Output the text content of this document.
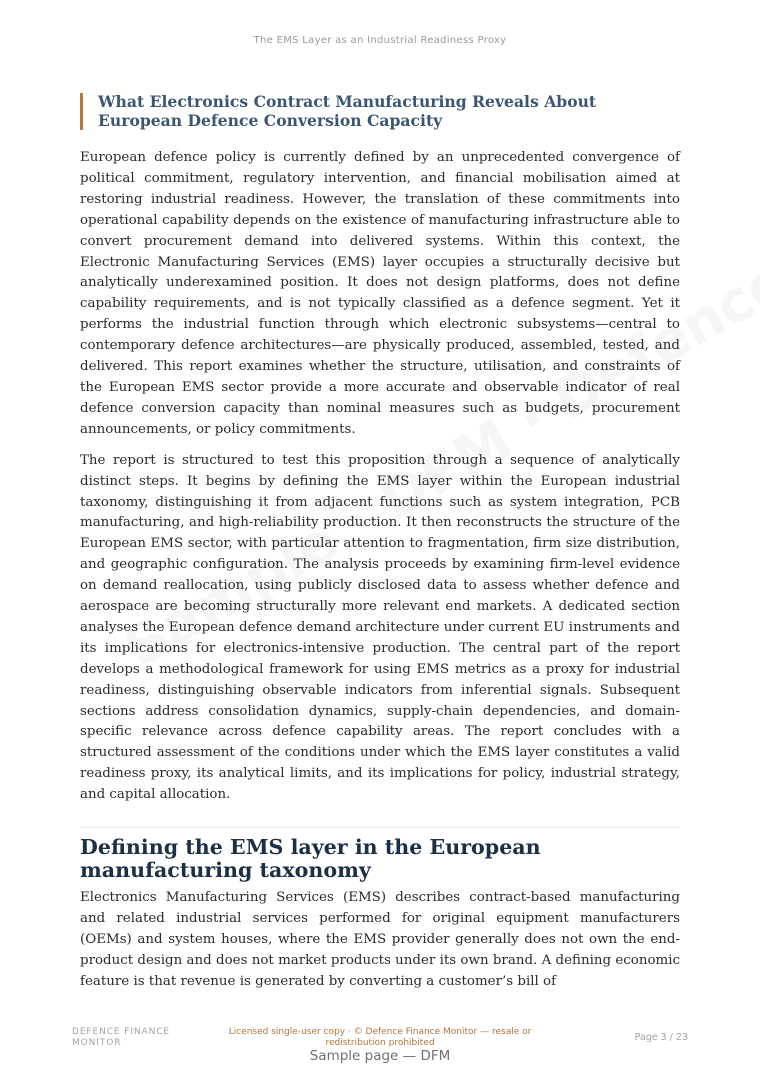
The EMS Layer as an Industrial Readiness Proxy
What Electronics Contract Manufacturing Reveals About European Defence Conversion Capacity

European defence policy is currently defined by an unprecedented convergence of political commitment, regulatory intervention, and financial mobilisation aimed at restoring industrial readiness. However, the translation of these commitments into operational capability depends on the existence of manufacturing infrastructure able to convert procurement demand into delivered systems. Within this context, the Electronic Manufacturing Services (EMS) layer occupies a structurally decisive but analytically underexamined position. It does not design platforms, does not define capability requirements, and is not typically classified as a defence segment. Yet it performs the industrial function through which electronic subsystems—central to contemporary defence architectures—are physically produced, assembled, tested, and delivered. This report examines whether the structure, utilisation, and constraints of the European EMS sector provide a more accurate and observable indicator of real defence conversion capacity than nominal measures such as budgets, procurement announcements, or policy commitments.

The report is structured to test this proposition through a sequence of analytically distinct steps. It begins by defining the EMS layer within the European industrial taxonomy, distinguishing it from adjacent functions such as system integration, PCB manufacturing, and high-reliability production. It then reconstructs the structure of the European EMS sector, with particular attention to fragmentation, firm size distribution, and geographic configuration. The analysis proceeds by examining firm-level evidence on demand reallocation, using publicly disclosed data to assess whether defence and aerospace are becoming structurally more relevant end markets. A dedicated section analyses the European defence demand architecture under current EU instruments and its implications for electronics-intensive production. The central part of the report develops a methodological framework for using EMS metrics as a proxy for industrial readiness, distinguishing observable indicators from inferential signals. Subsequent sections address consolidation dynamics, supply-chain dependencies, and domain-specific relevance across defence capability areas. The report concludes with a structured assessment of the conditions under which the EMS layer constitutes a valid readiness proxy, its analytical limits, and its implications for policy, industrial strategy, and capital allocation.

Defining the EMS layer in the European manufacturing taxonomy

Electronics Manufacturing Services (EMS) describes contract-based manufacturing and related industrial services performed for original equipment manufacturers (OEMs) and system houses, where the EMS provider generally does not own the end-product design and does not market products under its own brand. A defining economic feature is that revenue is generated by converting a customer’s bill of

DEFENCE FINANCE MONITOR
Licensed single-user copy · © Defence Finance Monitor — resale or redistribution prohibited	Page 3 / 23
Sample page — DFM
